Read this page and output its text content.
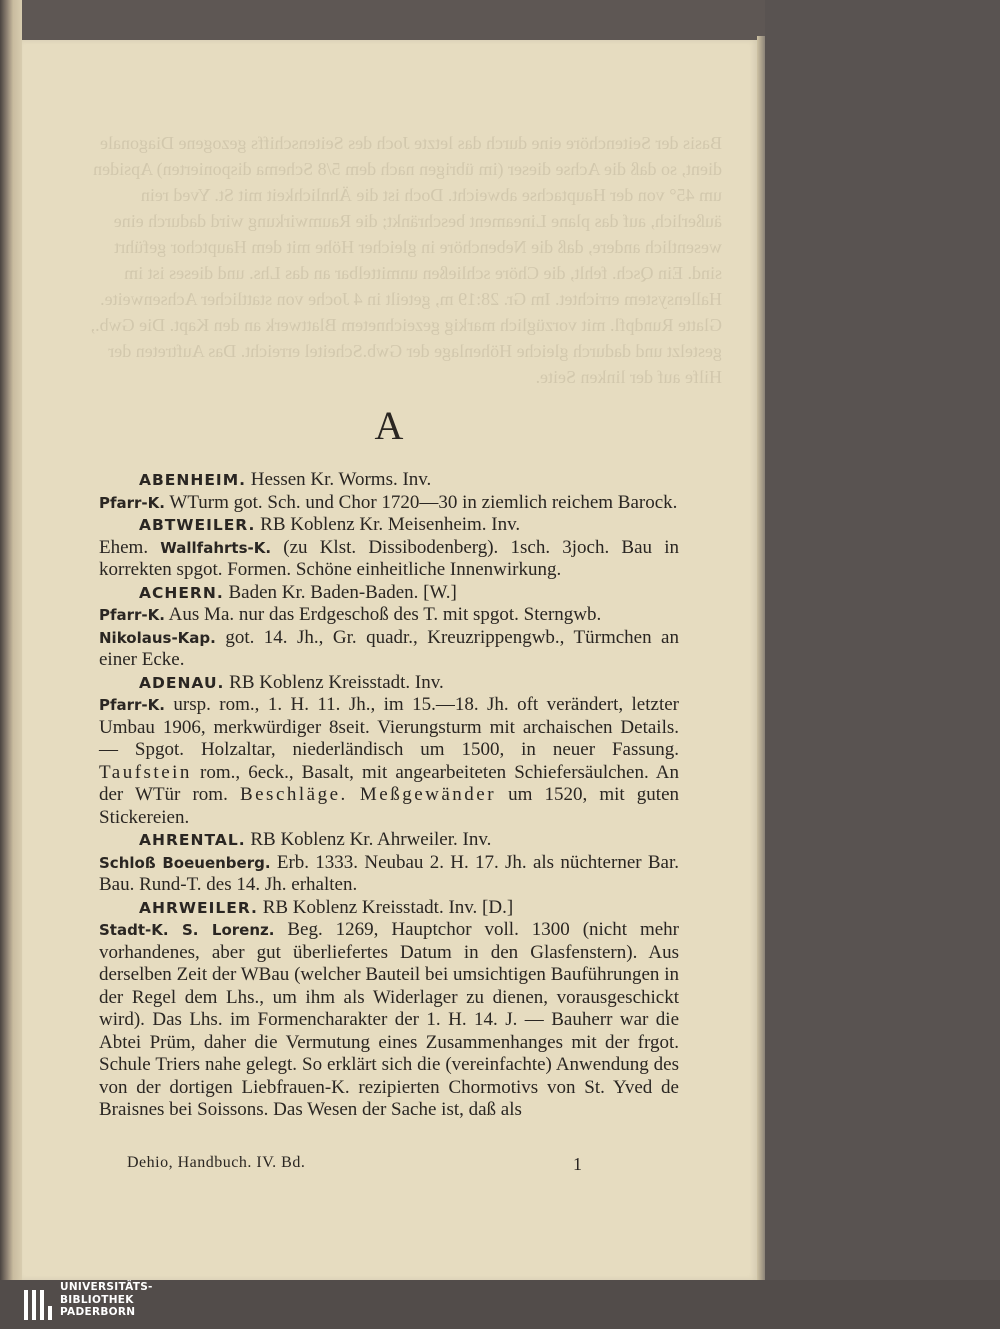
Basis der Seitenchöre eine durch das letzte Joch des Seitenschiffs gezogene Diagonale dient, so daß die Achse dieser (im übrigen nach dem 5/8 Schema disponierten) Apsiden um 45° von der Hauptachse abweicht. Doch ist die Ähnlichkeit mit St. Yved rein äußerlich, auf das plane Lineament beschränkt; die Raumwirkung wird dadurch eine wesentlich andere, daß die Nebenchöre in gleicher Höhe mit dem Hauptchor geführt sind. Ein Qsch. fehlt, die Chöre schließen unmittelbar an das Lhs. und dieses ist im Hallensystem errichtet. Im Gr. 28:19 m, geteilt in 4 Joche von stattlicher Achsenweite. Glatte Rundpfl. mit vorzüglich markig gezeichnetem Blattwerk an den Kapt. Die Gwb., gestelzt und dadurch gleiche Höhenlage der Gwb.Scheitel erreicht. Das Auftreten der Hilfe auf der linken Seite.
A

ABENHEIM. Hessen Kr. Worms. Inv.

Pfarr-K. WTurm got. Sch. und Chor 1720—30 in ziemlich reichem Barock.

ABTWEILER. RB Koblenz Kr. Meisenheim. Inv.

Ehem. Wallfahrts-K. (zu Klst. Dissibodenberg). 1sch. 3joch. Bau in korrekten spgot. Formen. Schöne einheitliche Innenwirkung.

ACHERN. Baden Kr. Baden-Baden. [W.]

Pfarr-K. Aus Ma. nur das Erdgeschoß des T. mit spgot. Sterngwb.

Nikolaus-Kap. got. 14. Jh., Gr. quadr., Kreuzrippengwb., Türmchen an einer Ecke.

ADENAU. RB Koblenz Kreisstadt. Inv.

Pfarr-K. ursp. rom., 1. H. 11. Jh., im 15.—18. Jh. oft verändert, letzter Umbau 1906, merkwürdiger 8seit. Vierungsturm mit archaischen Details. — Spgot. Holzaltar, niederländisch um 1500, in neuer Fassung. Taufstein rom., 6eck., Basalt, mit angearbeiteten Schiefersäulchen. An der WTür rom. Beschläge. Meßgewänder um 1520, mit guten Stickereien.

AHRENTAL. RB Koblenz Kr. Ahrweiler. Inv.

Schloß Boeuenberg. Erb. 1333. Neubau 2. H. 17. Jh. als nüchterner Bar. Bau. Rund-T. des 14. Jh. erhalten.

AHRWEILER. RB Koblenz Kreisstadt. Inv. [D.]

Stadt-K. S. Lorenz. Beg. 1269, Hauptchor voll. 1300 (nicht mehr vorhandenes, aber gut überliefertes Datum in den Glasfenstern). Aus derselben Zeit der WBau (welcher Bauteil bei umsichtigen Bauführungen in der Regel dem Lhs., um ihm als Widerlager zu dienen, vorausgeschickt wird). Das Lhs. im Formencharakter der 1. H. 14. J. — Bauherr war die Abtei Prüm, daher die Vermutung eines Zusammenhanges mit der frgot. Schule Triers nahe gelegt. So erklärt sich die (vereinfachte) Anwendung des von der dortigen Liebfrauen-K. rezipierten Chormotivs von St. Yved de Braisnes bei Soissons. Das Wesen der Sache ist, daß als

Dehio, Handbuch. IV. Bd.	1
UNIVERSITÄTS-
BIBLIOTHEK
PADERBORN
